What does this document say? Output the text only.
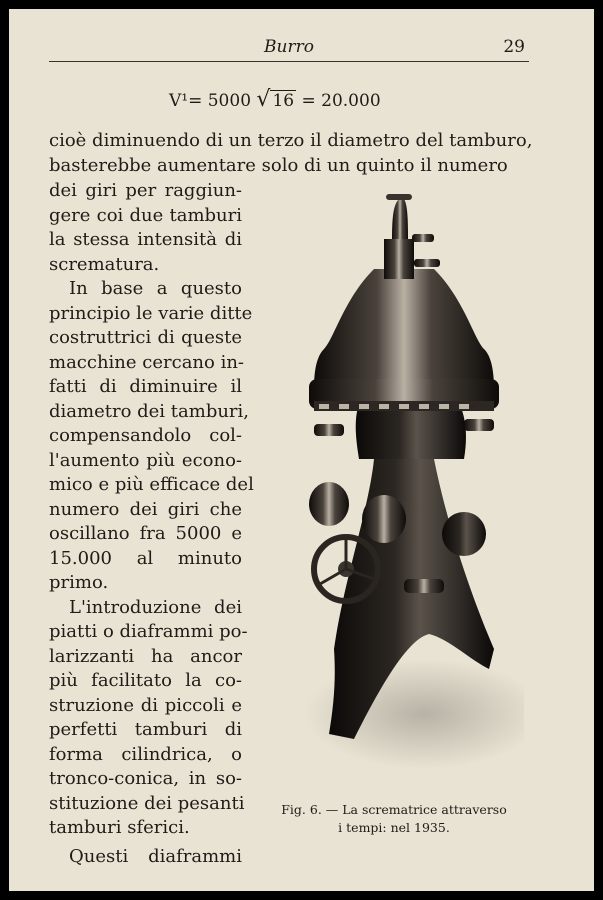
Burro	29
V¹= 5000 √ 16 = 20.000
cioè diminuendo di un terzo il diametro del tamburo,
basterebbe aumentare solo di un quinto il numero
dei giri per raggiun-
gere coi due tamburi
la stessa intensità di
scrematura.
In base a questo
principio le varie ditte
costruttrici di queste
macchine cercano in-
fatti di diminuire il
diametro dei tamburi,
compensandolo col-
l'aumento più econo-
mico e più efficace del
numero dei giri che
oscillano fra 5000 e
15.000 al minuto
primo.
L'introduzione dei
piatti o diaframmi po-
larizzanti ha ancor
più facilitato la co-
struzione di piccoli e
perfetti tamburi di
forma cilindrica, o
tronco-conica, in so-
stituzione dei pesanti
tamburi sferici.
Questi diaframmi
Fig. 6. — La scrematrice attraverso
i tempi: nel 1935.
